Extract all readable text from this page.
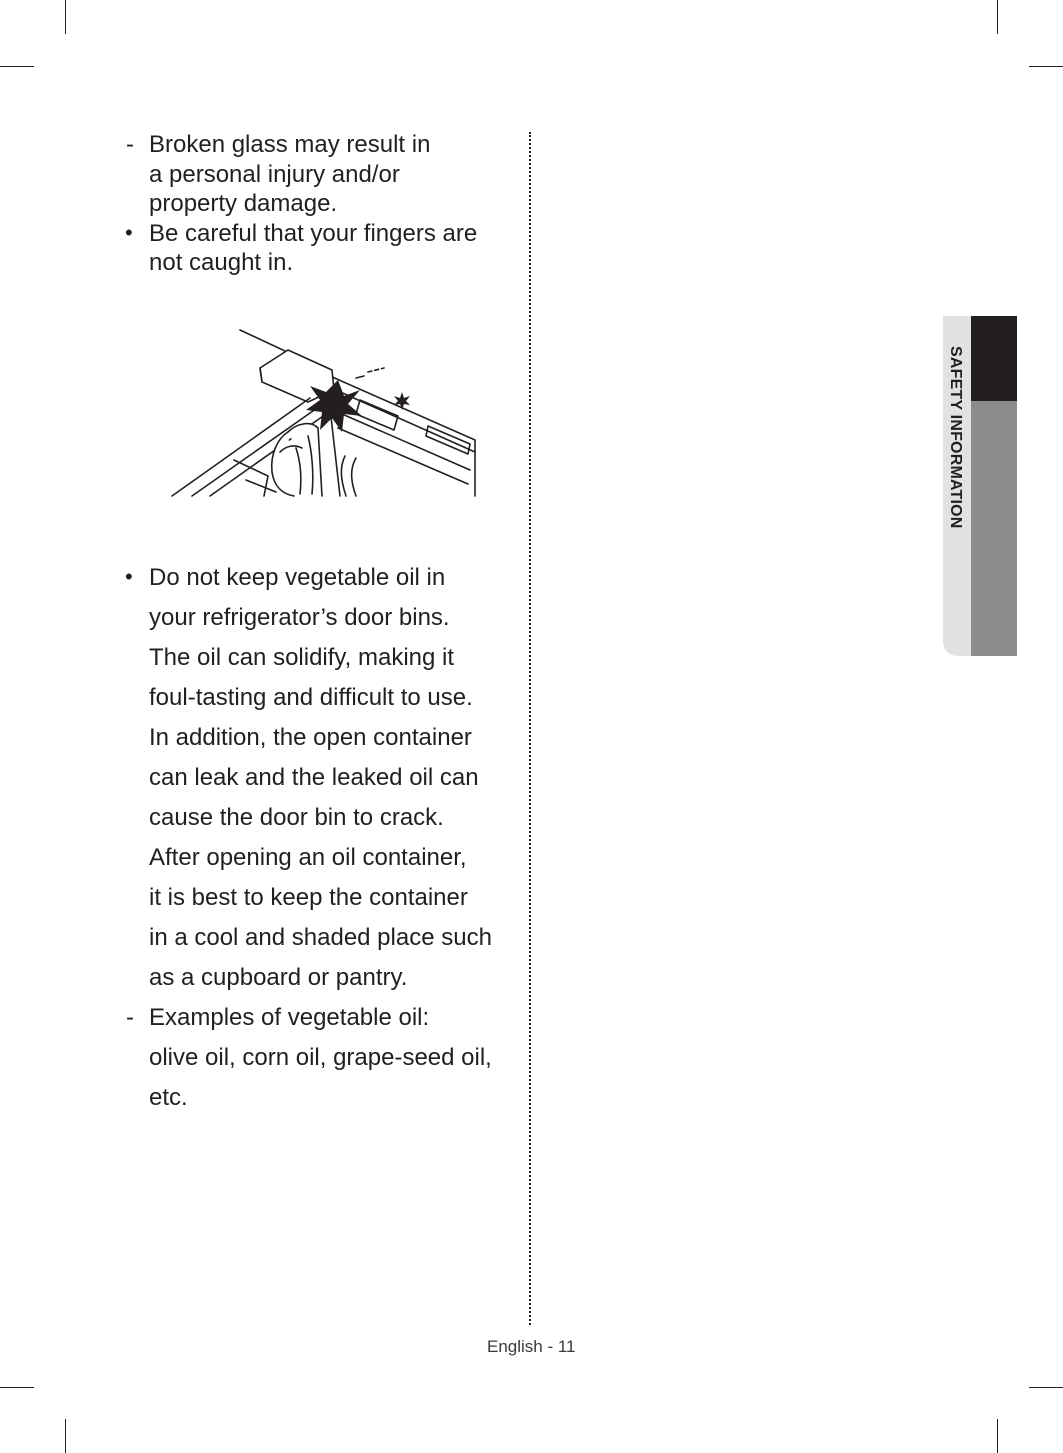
- Broken glass may result in
a personal injury and/or
property damage.
• Be careful that your fingers are
not caught in.
• Do not keep vegetable oil in
your refrigerator’s door bins.
The oil can solidify, making it
foul-tasting and difficult to use.
In addition, the open container
can leak and the leaked oil can
cause the door bin to crack.
After opening an oil container,
it is best to keep the container
in a cool and shaded place such
as a cupboard or pantry.
- Examples of vegetable oil:
olive oil, corn oil, grape-seed oil,
etc.
SAFETY INFORMATION
English - 11
